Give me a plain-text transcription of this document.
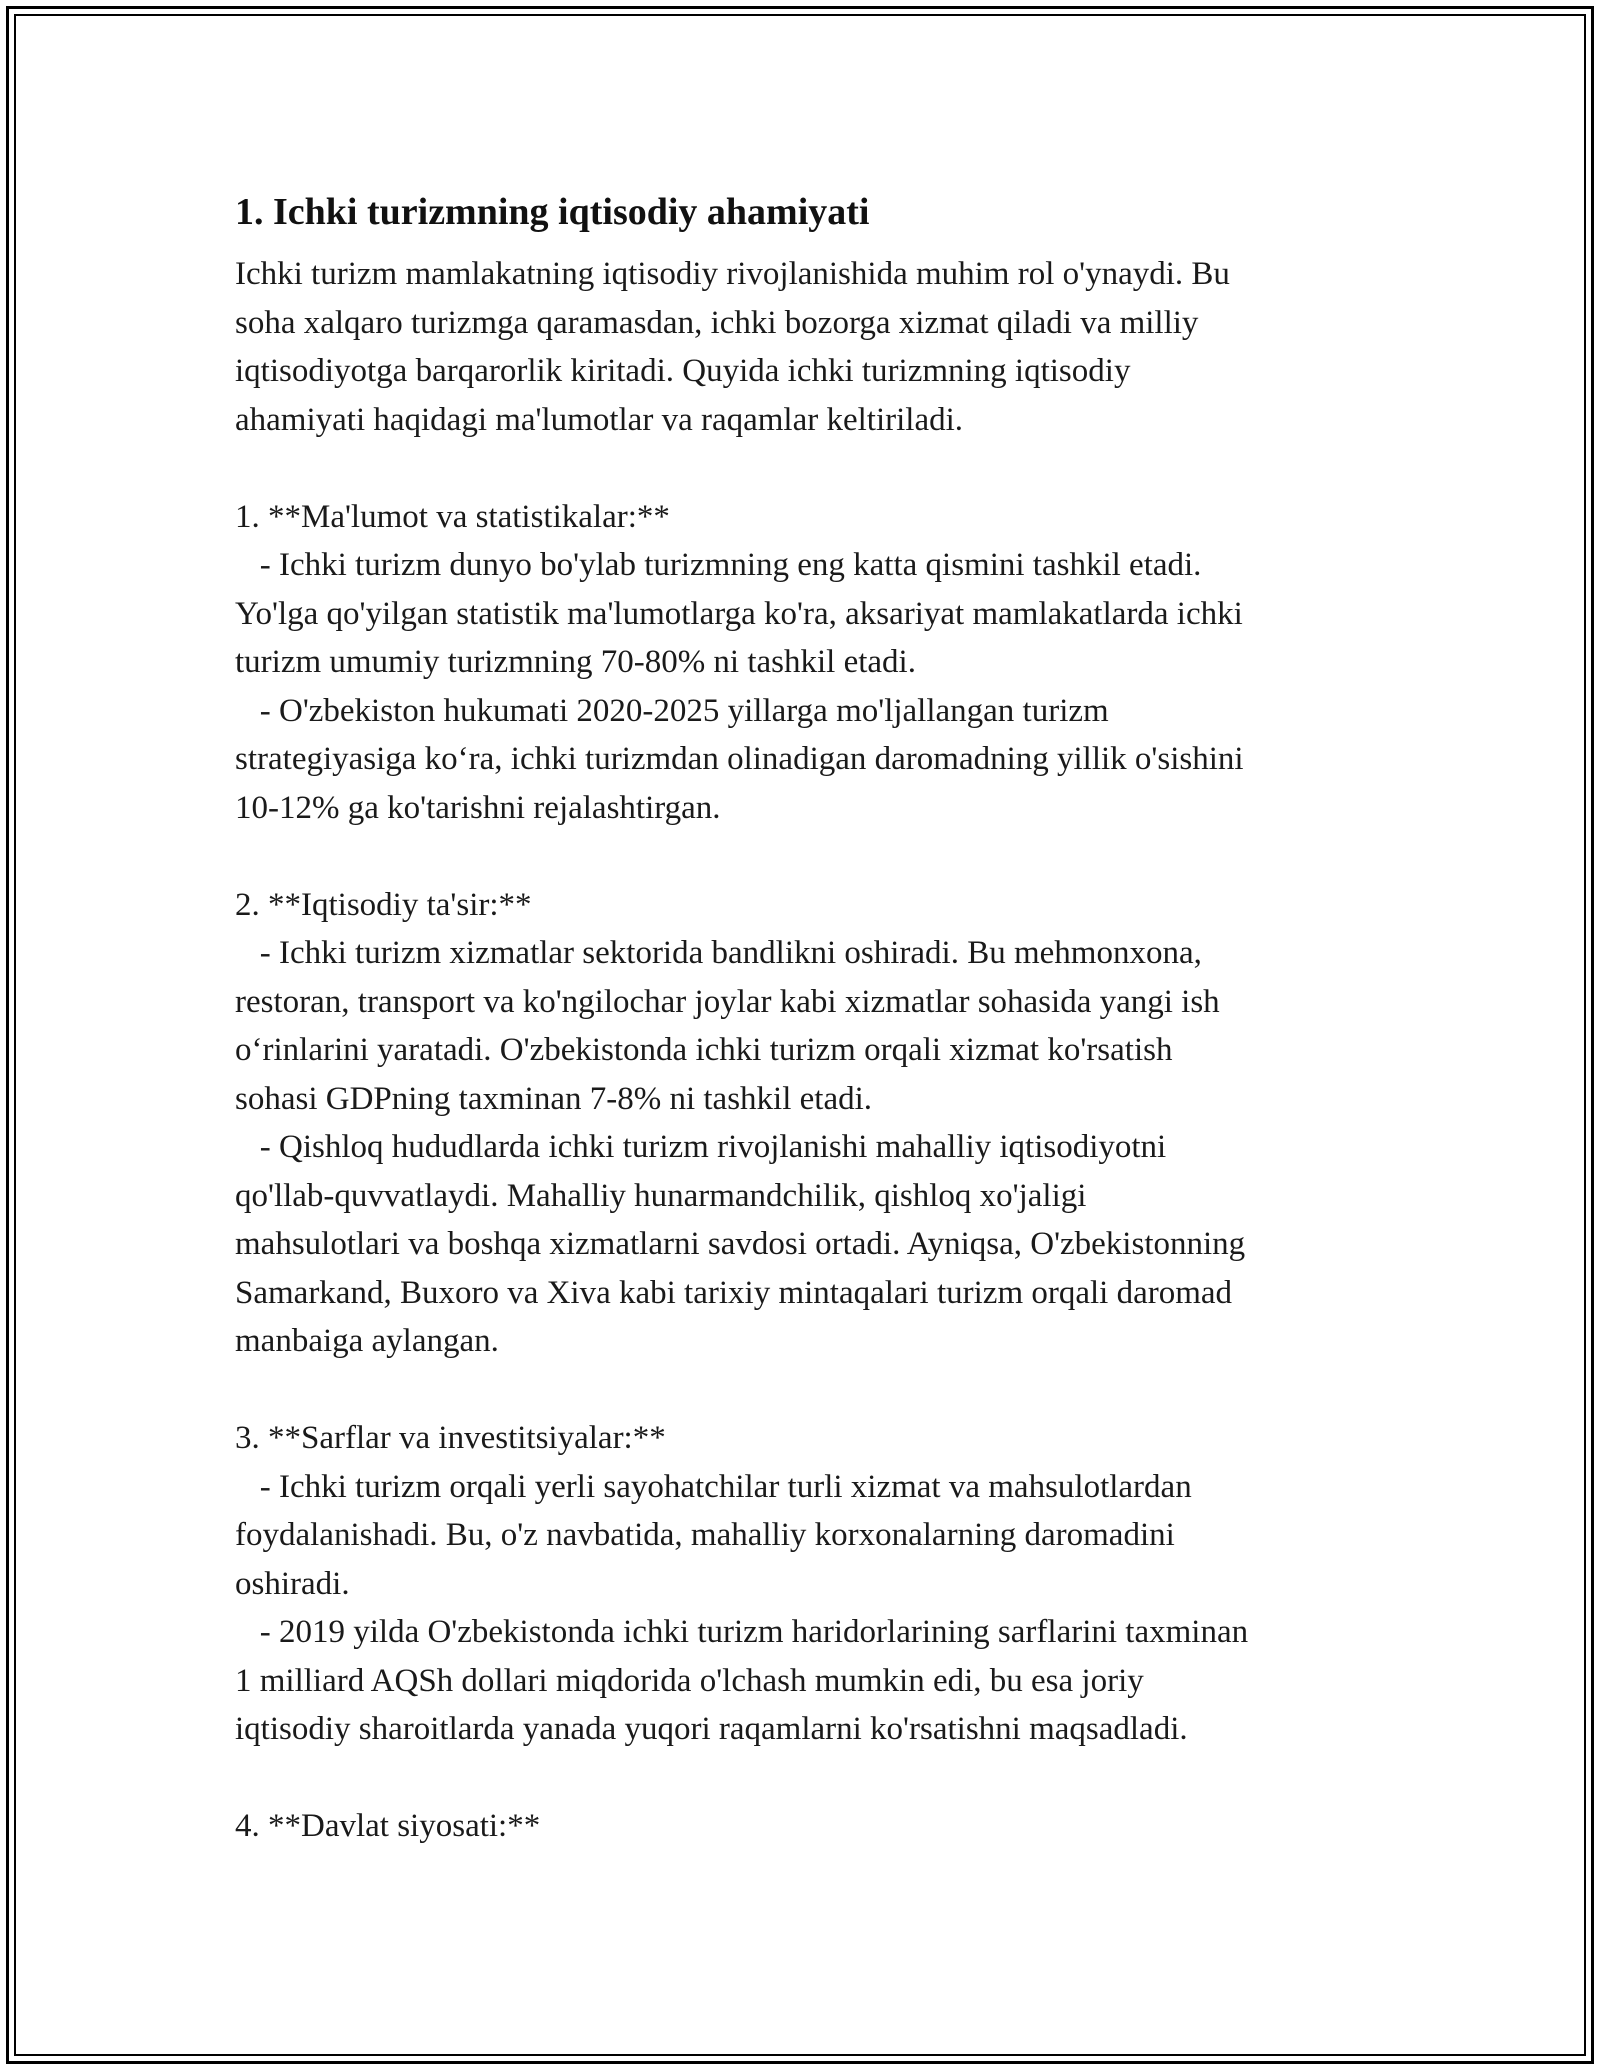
1. Ichki turizmning iqtisodiy ahamiyati

Ichki turizm mamlakatning iqtisodiy rivojlanishida muhim rol o'ynaydi. Bu
soha xalqaro turizmga qaramasdan, ichki bozorga xizmat qiladi va milliy
iqtisodiyotga barqarorlik kiritadi. Quyida ichki turizmning iqtisodiy
ahamiyati haqidagi ma'lumotlar va raqamlar keltiriladi.

1. **Ma'lumot va statistikalar:**
- Ichki turizm dunyo bo'ylab turizmning eng katta qismini tashkil etadi.
Yo'lga qo'yilgan statistik ma'lumotlarga ko'ra, aksariyat mamlakatlarda ichki
turizm umumiy turizmning 70-80% ni tashkil etadi.
- O'zbekiston hukumati 2020-2025 yillarga mo'ljallangan turizm
strategiyasiga ko‘ra, ichki turizmdan olinadigan daromadning yillik o'sishini
10-12% ga ko'tarishni rejalashtirgan.

2. **Iqtisodiy ta'sir:**
- Ichki turizm xizmatlar sektorida bandlikni oshiradi. Bu mehmonxona,
restoran, transport va ko'ngilochar joylar kabi xizmatlar sohasida yangi ish
o‘rinlarini yaratadi. O'zbekistonda ichki turizm orqali xizmat ko'rsatish
sohasi GDPning taxminan 7-8% ni tashkil etadi.
- Qishloq hududlarda ichki turizm rivojlanishi mahalliy iqtisodiyotni
qo'llab-quvvatlaydi. Mahalliy hunarmandchilik, qishloq xo'jaligi
mahsulotlari va boshqa xizmatlarni savdosi ortadi. Ayniqsa, O'zbekistonning
Samarkand, Buxoro va Xiva kabi tarixiy mintaqalari turizm orqali daromad
manbaiga aylangan.

3. **Sarflar va investitsiyalar:**
- Ichki turizm orqali yerli sayohatchilar turli xizmat va mahsulotlardan
foydalanishadi. Bu, o'z navbatida, mahalliy korxonalarning daromadini
oshiradi.
- 2019 yilda O'zbekistonda ichki turizm haridorlarining sarflarini taxminan
1 milliard AQSh dollari miqdorida o'lchash mumkin edi, bu esa joriy
iqtisodiy sharoitlarda yanada yuqori raqamlarni ko'rsatishni maqsadladi.

4. **Davlat siyosati:**
